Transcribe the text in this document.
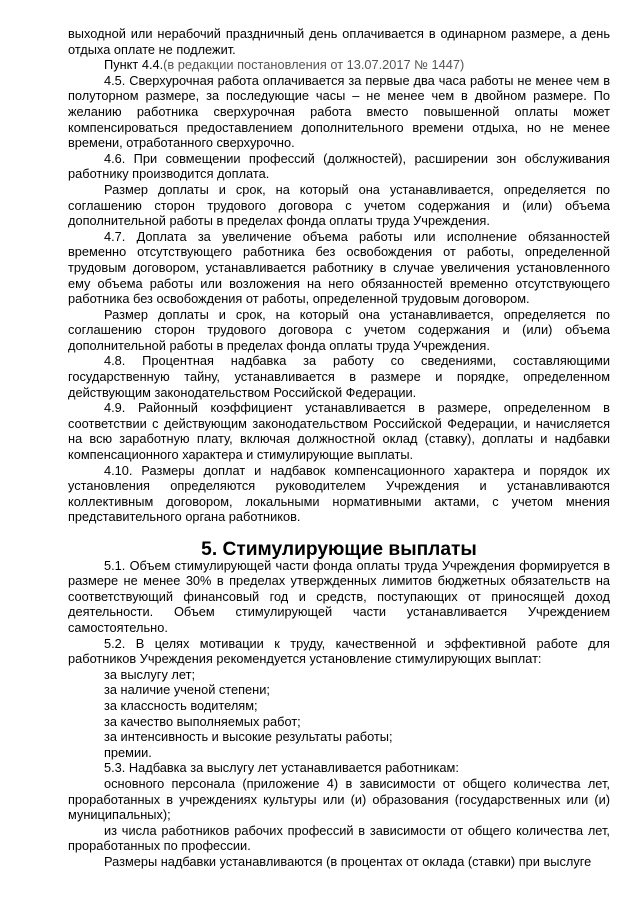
выходной или нерабочий праздничный день оплачивается в одинарном размере, а день отдыха оплате не подлежит.

Пункт 4.4.(в редакции постановления от 13.07.2017 № 1447)

4.5. Сверхурочная работа оплачивается за первые два часа работы не менее чем в полуторном размере, за последующие часы – не менее чем в двойном размере. По желанию работника сверхурочная работа вместо повышенной оплаты может компенсироваться предоставлением дополнительного времени отдыха, но не менее времени, отработанного сверхурочно.

4.6. При совмещении профессий (должностей), расширении зон обслуживания работнику производится доплата.

Размер доплаты и срок, на который она устанавливается, определяется по соглашению сторон трудового договора с учетом содержания и (или) объема дополнительной работы в пределах фонда оплаты труда Учреждения.

4.7. Доплата за увеличение объема работы или исполнение обязанностей временно отсутствующего работника без освобождения от работы, определенной трудовым договором, устанавливается работнику в случае увеличения установленного ему объема работы или возложения на него обязанностей временно отсутствующего работника без освобождения от работы, определенной трудовым договором.

Размер доплаты и срок, на который она устанавливается, определяется по соглашению сторон трудового договора с учетом содержания и (или) объема дополнительной работы в пределах фонда оплаты труда Учреждения.

4.8. Процентная надбавка за работу со сведениями, составляющими государственную тайну, устанавливается в размере и порядке, определенном действующим законодательством Российской Федерации.

4.9. Районный коэффициент устанавливается в размере, определенном в соответствии с действующим законодательством Российской Федерации, и начисляется на всю заработную плату, включая должностной оклад (ставку), доплаты и надбавки компенсационного характера и стимулирующие выплаты.

4.10. Размеры доплат и надбавок компенсационного характера и порядок их установления определяются руководителем Учреждения и устанавливаются коллективным договором, локальными нормативными актами, с учетом мнения представительного органа работников.

5. Стимулирующие выплаты

5.1. Объем стимулирующей части фонда оплаты труда Учреждения формируется в размере не менее 30% в пределах утвержденных лимитов бюджетных обязательств на соответствующий финансовый год и средств, поступающих от приносящей доход деятельности. Объем стимулирующей части устанавливается Учреждением самостоятельно.

5.2. В целях мотивации к труду, качественной и эффективной работе для работников Учреждения рекомендуется установление стимулирующих выплат:

за выслугу лет;
за наличие ученой степени;
за классность водителям;
за качество выполняемых работ;
за интенсивность и высокие результаты работы;
премии.

5.3. Надбавка за выслугу лет устанавливается работникам:

основного персонала (приложение 4) в зависимости от общего количества лет, проработанных в учреждениях культуры или (и) образования (государственных или (и) муниципальных);

из числа работников рабочих профессий в зависимости от общего количества лет, проработанных по профессии.

Размеры надбавки устанавливаются (в процентах от оклада (ставки) при выслуге
